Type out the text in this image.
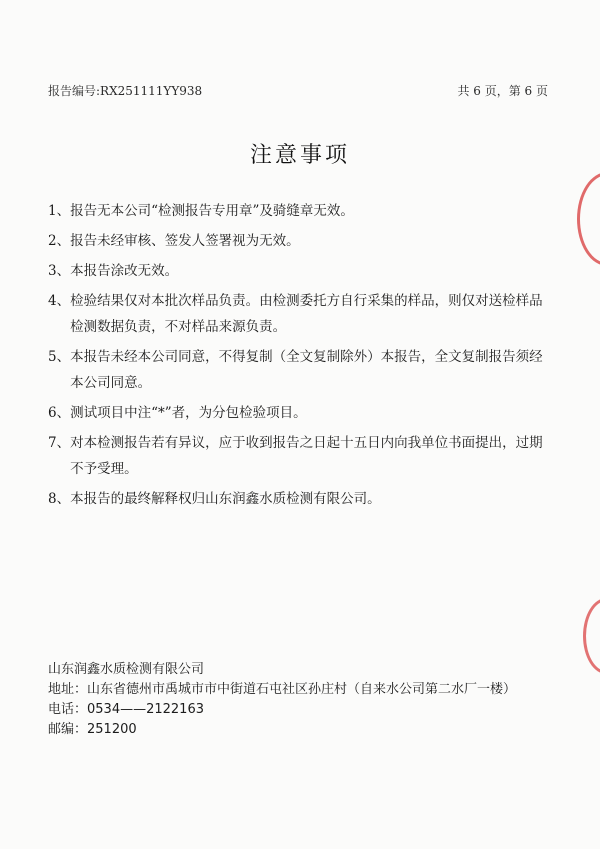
报告编号:RX251111YY938	共 6 页，第 6 页
注意事项
1、 报告无本公司“检测报告专用章”及骑缝章无效。
2、 报告未经审核、签发人签署视为无效。
3、 本报告涂改无效。
4、 检验结果仅对本批次样品负责。由检测委托方自行采集的样品，则仅对送检样品检测数据负责，不对样品来源负责。
5、 本报告未经本公司同意，不得复制（全文复制除外）本报告，全文复制报告须经本公司同意。
6、 测试项目中注“*”者，为分包检验项目。
7、 对本检测报告若有异议，应于收到报告之日起十五日内向我单位书面提出，过期不予受理。
8、 本报告的最终解释权归山东润鑫水质检测有限公司。
山东润鑫水质检测有限公司
地址： 山东省德州市禹城市市中街道石屯社区孙庄村（自来水公司第二水厂一楼）
电话： 0534——2122163
邮编： 251200
